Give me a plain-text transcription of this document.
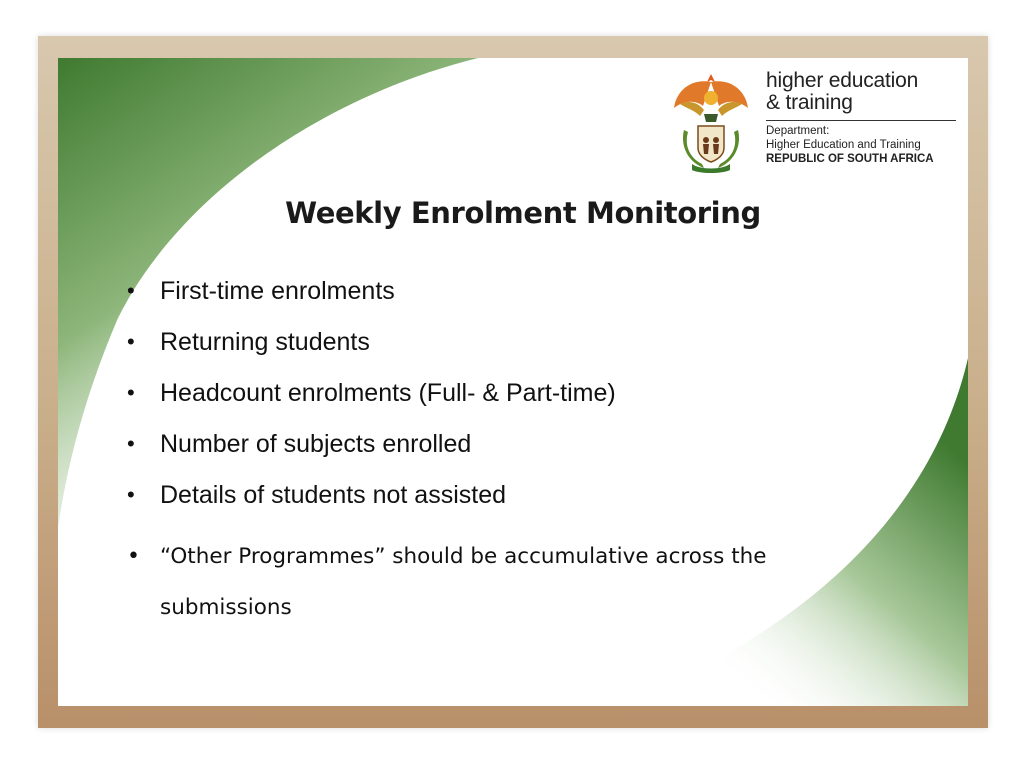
higher education
& training
Department:
Higher Education and Training
REPUBLIC OF SOUTH AFRICA
Weekly Enrolment Monitoring
• First-time enrolments
• Returning students
• Headcount enrolments (Full- & Part-time)
• Number of subjects enrolled
• Details of students not assisted
• “Other Programmes” should be accumulative across the submissions
